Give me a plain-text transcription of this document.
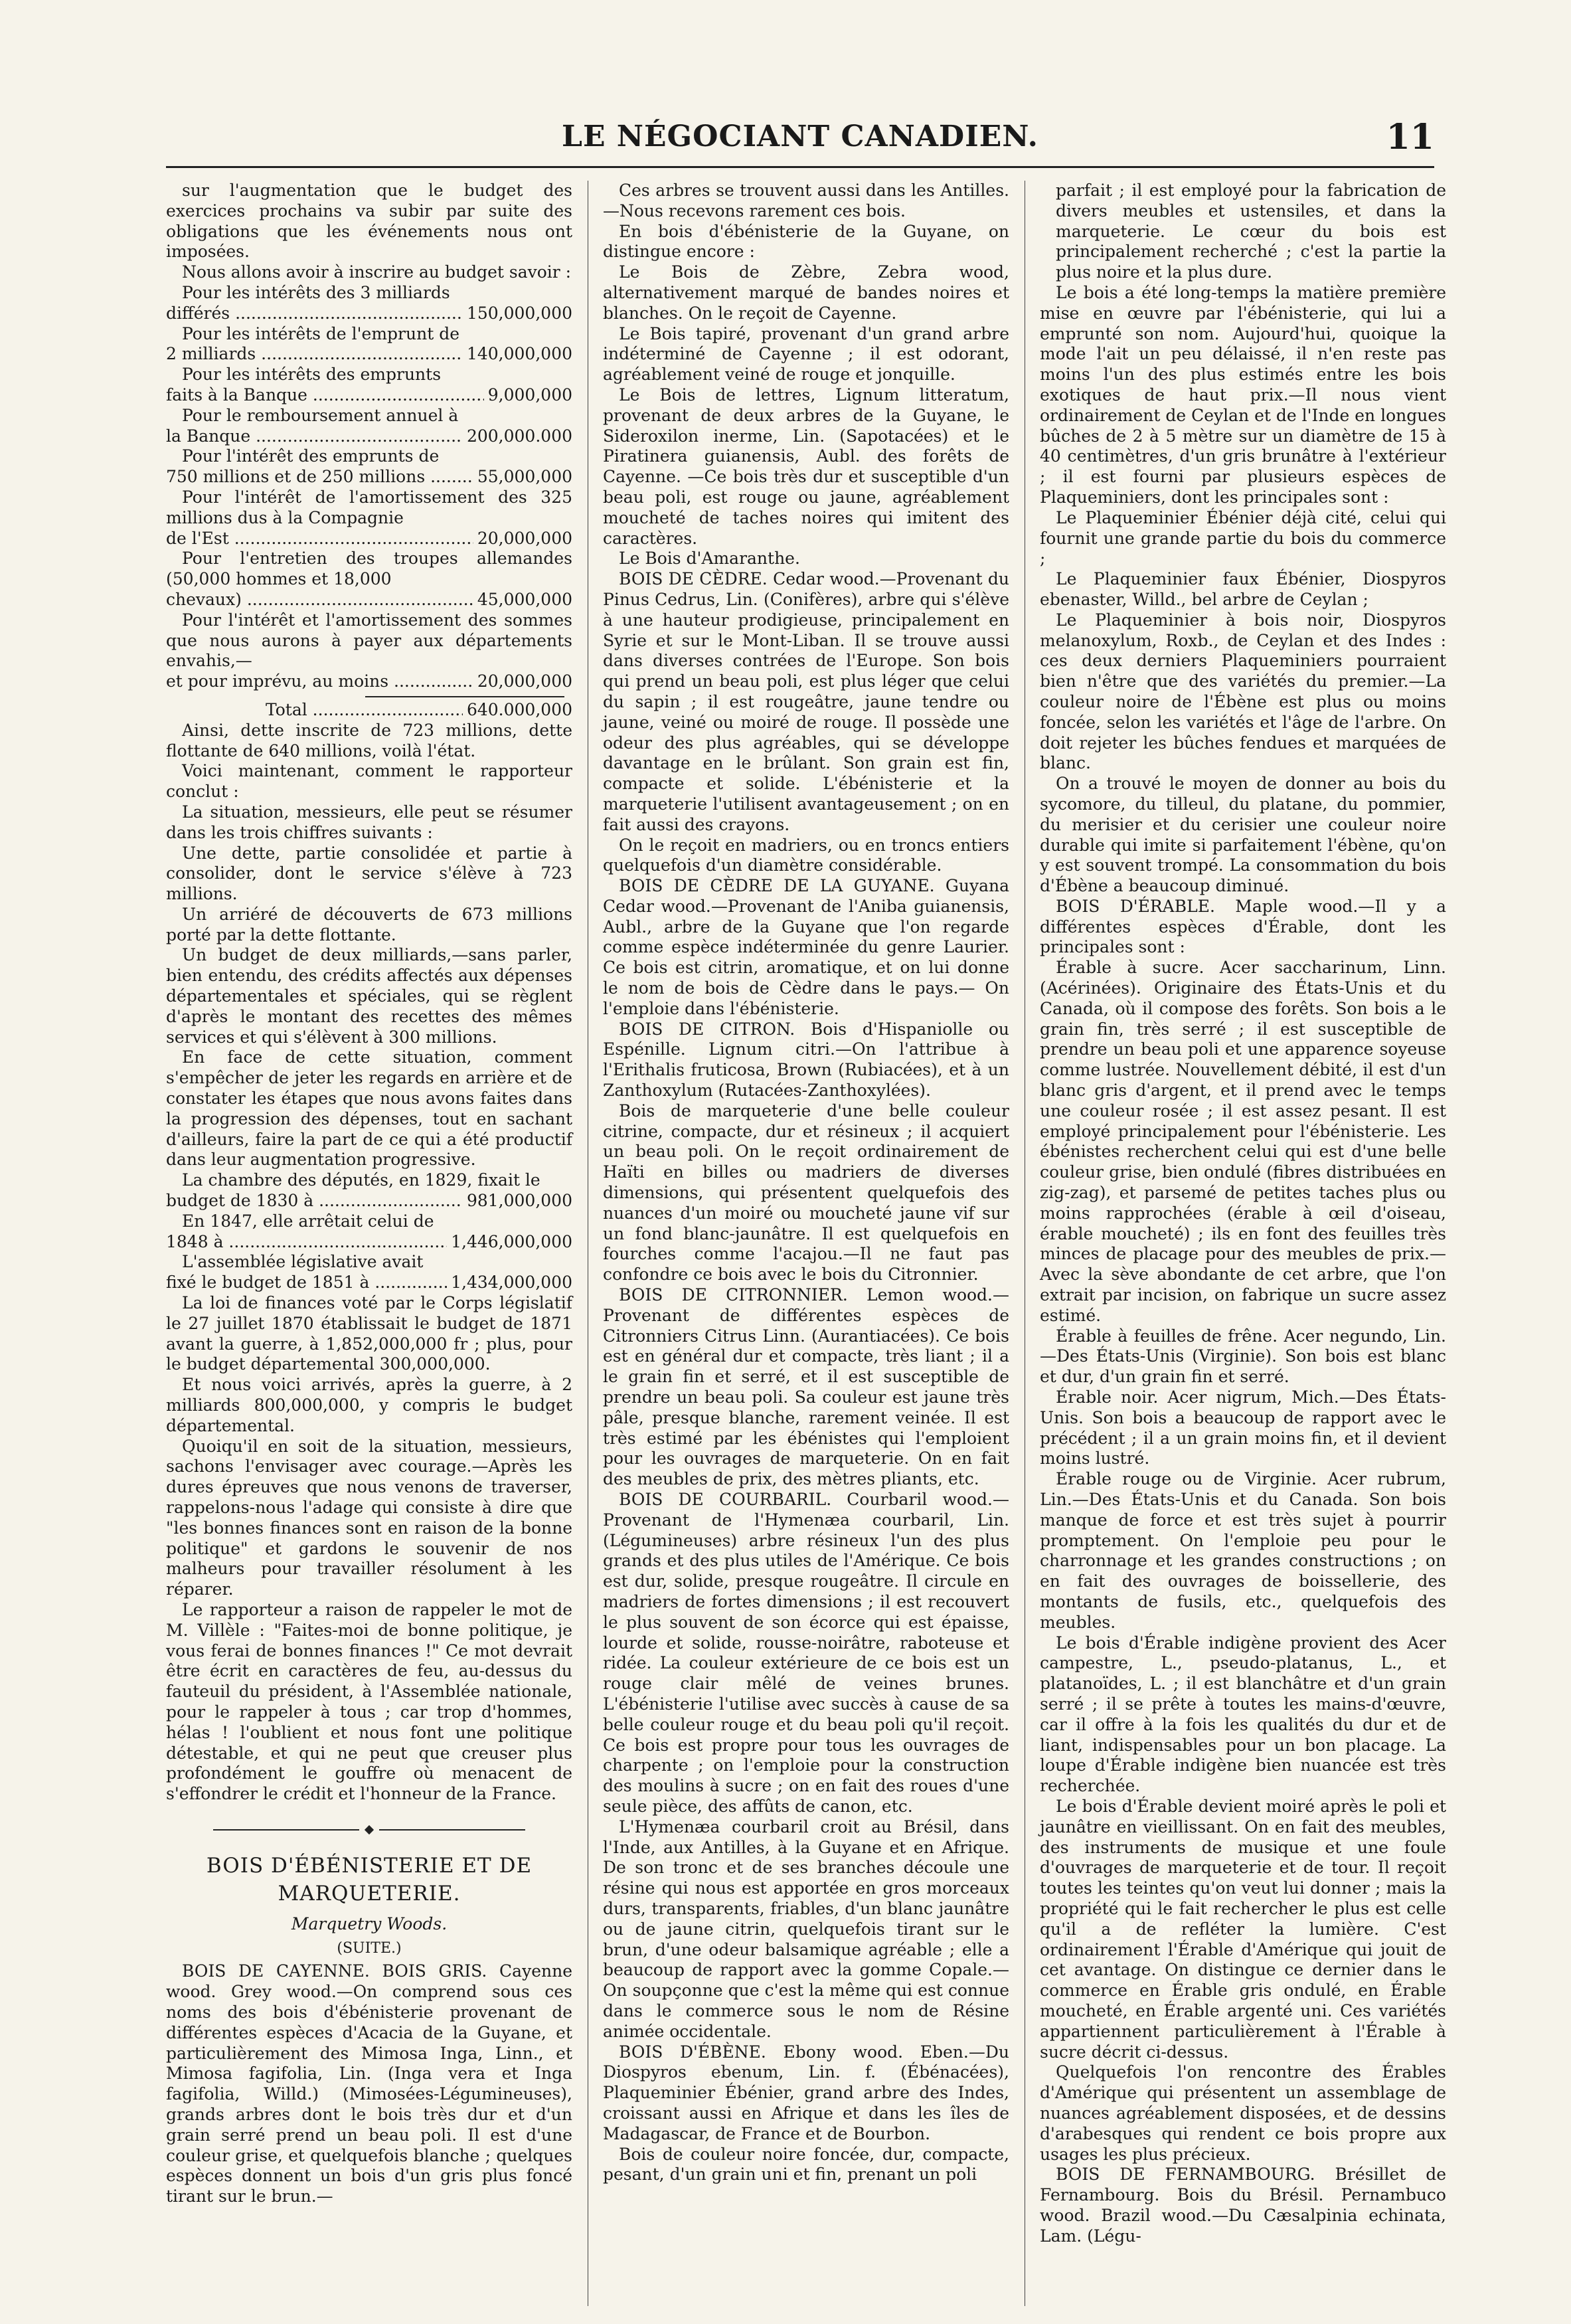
LE NÉGOCIANT CANADIEN.	11

sur l'augmentation que le budget des exercices prochains va subir par suite des obligations que les événements nous ont imposées.

Nous allons avoir à inscrire au budget savoir :

Pour les intérêts des 3 milliards

différés .....	150,000,000

Pour les intérêts de l'emprunt de

2 milliards .....	140,000,000

Pour les intérêts des emprunts

faits à la Banque .....	9,000,000

Pour le remboursement annuel à

la Banque .....	200,000.000

Pour l'intérêt des emprunts de

750 millions et de 250 millions .....	55,000,000

Pour l'intérêt de l'amortissement des 325 millions dus à la Compagnie

de l'Est .....	20,000,000

Pour l'entretien des troupes allemandes (50,000 hommes et 18,000

chevaux) .....	45,000,000

Pour l'intérêt et l'amortissement des sommes que nous aurons à payer aux départements envahis,—

et pour imprévu, au moins .....	20,000,000
Total .....	640.000,000

Ainsi, dette inscrite de 723 millions, dette flottante de 640 millions, voilà l'état.

Voici maintenant, comment le rapporteur conclut :

La situation, messieurs, elle peut se résumer dans les trois chiffres suivants :

Une dette, partie consolidée et partie à consolider, dont le service s'élève à 723 millions.

Un arriéré de découverts de 673 millions porté par la dette flottante.

Un budget de deux milliards,—sans parler, bien entendu, des crédits affectés aux dépenses départementales et spéciales, qui se règlent d'après le montant des recettes des mêmes services et qui s'élèvent à 300 millions.

En face de cette situation, comment s'empêcher de jeter les regards en arrière et de constater les étapes que nous avons faites dans la progression des dépenses, tout en sachant d'ailleurs, faire la part de ce qui a été productif dans leur augmentation progressive.

La chambre des députés, en 1829, fixait le

budget de 1830 à .....	981,000,000

En 1847, elle arrêtait celui de

1848 à .....	1,446,000,000

L'assemblée législative avait

fixé le budget de 1851 à .....	1,434,000,000

La loi de finances voté par le Corps législatif le 27 juillet 1870 établissait le budget de 1871 avant la guerre, à 1,852,000,000 fr ; plus, pour le budget départemental 300,000,000.

Et nous voici arrivés, après la guerre, à 2 milliards 800,000,000, y compris le budget départemental.

Quoiqu'il en soit de la situation, messieurs, sachons l'envisager avec courage.—Après les dures épreuves que nous venons de traverser, rappelons-nous l'adage qui consiste à dire que "les bonnes finances sont en raison de la bonne politique" et gardons le souvenir de nos malheurs pour travailler résolument à les réparer.

Le rapporteur a raison de rappeler le mot de M. Villèle : "Faites-moi de bonne politique, je vous ferai de bonnes finances !" Ce mot devrait être écrit en caractères de feu, au-dessus du fauteuil du président, à l'Assemblée nationale, pour le rappeler à tous ; car trop d'hommes, hélas ! l'oublient et nous font une politique détestable, et qui ne peut que creuser plus profondément le gouffre où menacent de s'effondrer le crédit et l'honneur de la France.

BOIS D'ÉBÉNISTERIE ET DE MARQUETERIE.
Marquetry Woods.
(SUITE.)

BOIS DE CAYENNE. BOIS GRIS. Cayenne wood. Grey wood.—On comprend sous ces noms des bois d'ébénisterie provenant de différentes espèces d'Acacia de la Guyane, et particulièrement des Mimosa Inga, Linn., et Mimosa fagifolia, Lin. (Inga vera et Inga fagifolia, Willd.) (Mimosées-Légumineuses), grands arbres dont le bois très dur et d'un grain serré prend un beau poli. Il est d'une couleur grise, et quelquefois blanche ; quelques espèces donnent un bois d'un gris plus foncé tirant sur le brun.—

Ces arbres se trouvent aussi dans les Antilles. —Nous recevons rarement ces bois.

En bois d'ébénisterie de la Guyane, on distingue encore :

Le Bois de Zèbre, Zebra wood, alternativement marqué de bandes noires et blanches. On le reçoit de Cayenne.

Le Bois tapiré, provenant d'un grand arbre indéterminé de Cayenne ; il est odorant, agréablement veiné de rouge et jonquille.

Le Bois de lettres, Lignum litteratum, provenant de deux arbres de la Guyane, le Sideroxilon inerme, Lin. (Sapotacées) et le Piratinera guianensis, Aubl. des forêts de Cayenne. —Ce bois très dur et susceptible d'un beau poli, est rouge ou jaune, agréablement moucheté de taches noires qui imitent des caractères.

Le Bois d'Amaranthe.

BOIS DE CÈDRE. Cedar wood.—Provenant du Pinus Cedrus, Lin. (Conifères), arbre qui s'élève à une hauteur prodigieuse, principalement en Syrie et sur le Mont-Liban. Il se trouve aussi dans diverses contrées de l'Europe. Son bois qui prend un beau poli, est plus léger que celui du sapin ; il est rougeâtre, jaune tendre ou jaune, veiné ou moiré de rouge. Il possède une odeur des plus agréables, qui se développe davantage en le brûlant. Son grain est fin, compacte et solide. L'ébénisterie et la marqueterie l'utilisent avantageusement ; on en fait aussi des crayons.

On le reçoit en madriers, ou en troncs entiers quelquefois d'un diamètre considérable.

BOIS DE CÈDRE DE LA GUYANE. Guyana Cedar wood.—Provenant de l'Aniba guianensis, Aubl., arbre de la Guyane que l'on regarde comme espèce indéterminée du genre Laurier. Ce bois est citrin, aromatique, et on lui donne le nom de bois de Cèdre dans le pays.— On l'emploie dans l'ébénisterie.

BOIS DE CITRON. Bois d'Hispaniolle ou Espénille. Lignum citri.—On l'attribue à l'Erithalis fruticosa, Brown (Rubiacées), et à un Zanthoxylum (Rutacées-Zanthoxylées).

Bois de marqueterie d'une belle couleur citrine, compacte, dur et résineux ; il acquiert un beau poli. On le reçoit ordinairement de Haïti en billes ou madriers de diverses dimensions, qui présentent quelquefois des nuances d'un moiré ou moucheté jaune vif sur un fond blanc-jaunâtre. Il est quelquefois en fourches comme l'acajou.—Il ne faut pas confondre ce bois avec le bois du Citronnier.

BOIS DE CITRONNIER. Lemon wood.—Provenant de différentes espèces de Citronniers Citrus Linn. (Aurantiacées). Ce bois est en général dur et compacte, très liant ; il a le grain fin et serré, et il est susceptible de prendre un beau poli. Sa couleur est jaune très pâle, presque blanche, rarement veinée. Il est très estimé par les ébénistes qui l'emploient pour les ouvrages de marqueterie. On en fait des meubles de prix, des mètres pliants, etc.

BOIS DE COURBARIL. Courbaril wood.—Provenant de l'Hymenæa courbaril, Lin. (Légumineuses) arbre résineux l'un des plus grands et des plus utiles de l'Amérique. Ce bois est dur, solide, presque rougeâtre. Il circule en madriers de fortes dimensions ; il est recouvert le plus souvent de son écorce qui est épaisse, lourde et solide, rousse-noirâtre, raboteuse et ridée. La couleur extérieure de ce bois est un rouge clair mêlé de veines brunes. L'ébénisterie l'utilise avec succès à cause de sa belle couleur rouge et du beau poli qu'il reçoit. Ce bois est propre pour tous les ouvrages de charpente ; on l'emploie pour la construction des moulins à sucre ; on en fait des roues d'une seule pièce, des affûts de canon, etc.

L'Hymenæa courbaril croit au Brésil, dans l'Inde, aux Antilles, à la Guyane et en Afrique. De son tronc et de ses branches découle une résine qui nous est apportée en gros morceaux durs, transparents, friables, d'un blanc jaunâtre ou de jaune citrin, quelquefois tirant sur le brun, d'une odeur balsamique agréable ; elle a beaucoup de rapport avec la gomme Copale.— On soupçonne que c'est la même qui est connue dans le commerce sous le nom de Résine animée occidentale.

BOIS D'ÉBÈNE. Ebony wood. Eben.—Du Diospyros ebenum, Lin. f. (Ébénacées), Plaqueminier Ébénier, grand arbre des Indes, croissant aussi en Afrique et dans les îles de Madagascar, de France et de Bourbon.

Bois de couleur noire foncée, dur, compacte, pesant, d'un grain uni et fin, prenant un poli

parfait ; il est employé pour la fabrication de divers meubles et ustensiles, et dans la marqueterie. Le cœur du bois est principalement recherché ; c'est la partie la plus noire et la plus dure.

Le bois a été long-temps la matière première mise en œuvre par l'ébénisterie, qui lui a emprunté son nom. Aujourd'hui, quoique la mode l'ait un peu délaissé, il n'en reste pas moins l'un des plus estimés entre les bois exotiques de haut prix.—Il nous vient ordinairement de Ceylan et de l'Inde en longues bûches de 2 à 5 mètre sur un diamètre de 15 à 40 centimètres, d'un gris brunâtre à l'extérieur ; il est fourni par plusieurs espèces de Plaqueminiers, dont les principales sont :

Le Plaqueminier Ébénier déjà cité, celui qui fournit une grande partie du bois du commerce ;

Le Plaqueminier faux Ébénier, Diospyros ebenaster, Willd., bel arbre de Ceylan ;

Le Plaqueminier à bois noir, Diospyros melanoxylum, Roxb., de Ceylan et des Indes : ces deux derniers Plaqueminiers pourraient bien n'être que des variétés du premier.—La couleur noire de l'Ébène est plus ou moins foncée, selon les variétés et l'âge de l'arbre. On doit rejeter les bûches fendues et marquées de blanc.

On a trouvé le moyen de donner au bois du sycomore, du tilleul, du platane, du pommier, du merisier et du cerisier une couleur noire durable qui imite si parfaitement l'ébène, qu'on y est souvent trompé. La consommation du bois d'Ébène a beaucoup diminué.

BOIS D'ÉRABLE. Maple wood.—Il y a différentes espèces d'Érable, dont les principales sont :

Érable à sucre. Acer saccharinum, Linn. (Acérinées). Originaire des États-Unis et du Canada, où il compose des forêts. Son bois a le grain fin, très serré ; il est susceptible de prendre un beau poli et une apparence soyeuse comme lustrée. Nouvellement débité, il est d'un blanc gris d'argent, et il prend avec le temps une couleur rosée ; il est assez pesant. Il est employé principalement pour l'ébénisterie. Les ébénistes recherchent celui qui est d'une belle couleur grise, bien ondulé (fibres distribuées en zig-zag), et parsemé de petites taches plus ou moins rapprochées (érable à œil d'oiseau, érable moucheté) ; ils en font des feuilles très minces de placage pour des meubles de prix.—Avec la sève abondante de cet arbre, que l'on extrait par incision, on fabrique un sucre assez estimé.

Érable à feuilles de frêne. Acer negundo, Lin.—Des États-Unis (Virginie). Son bois est blanc et dur, d'un grain fin et serré.

Érable noir. Acer nigrum, Mich.—Des États-Unis. Son bois a beaucoup de rapport avec le précédent ; il a un grain moins fin, et il devient moins lustré.

Érable rouge ou de Virginie. Acer rubrum, Lin.—Des États-Unis et du Canada. Son bois manque de force et est très sujet à pourrir promptement. On l'emploie peu pour le charronnage et les grandes constructions ; on en fait des ouvrages de boissellerie, des montants de fusils, etc., quelquefois des meubles.

Le bois d'Érable indigène provient des Acer campestre, L., pseudo-platanus, L., et platanoïdes, L. ; il est blanchâtre et d'un grain serré ; il se prête à toutes les mains-d'œuvre, car il offre à la fois les qualités du dur et de liant, indispensables pour un bon placage. La loupe d'Érable indigène bien nuancée est très recherchée.

Le bois d'Érable devient moiré après le poli et jaunâtre en vieillissant. On en fait des meubles, des instruments de musique et une foule d'ouvrages de marqueterie et de tour. Il reçoit toutes les teintes qu'on veut lui donner ; mais la propriété qui le fait rechercher le plus est celle qu'il a de refléter la lumière. C'est ordinairement l'Érable d'Amérique qui jouit de cet avantage. On distingue ce dernier dans le commerce en Érable gris ondulé, en Érable moucheté, en Érable argenté uni. Ces variétés appartiennent particulièrement à l'Érable à sucre décrit ci-dessus.

Quelquefois l'on rencontre des Érables d'Amérique qui présentent un assemblage de nuances agréablement disposées, et de dessins d'arabesques qui rendent ce bois propre aux usages les plus précieux.

BOIS DE FERNAMBOURG. Brésillet de Fernambourg. Bois du Brésil. Pernambuco wood. Brazil wood.—Du Cæsalpinia echinata, Lam. (Légu-
